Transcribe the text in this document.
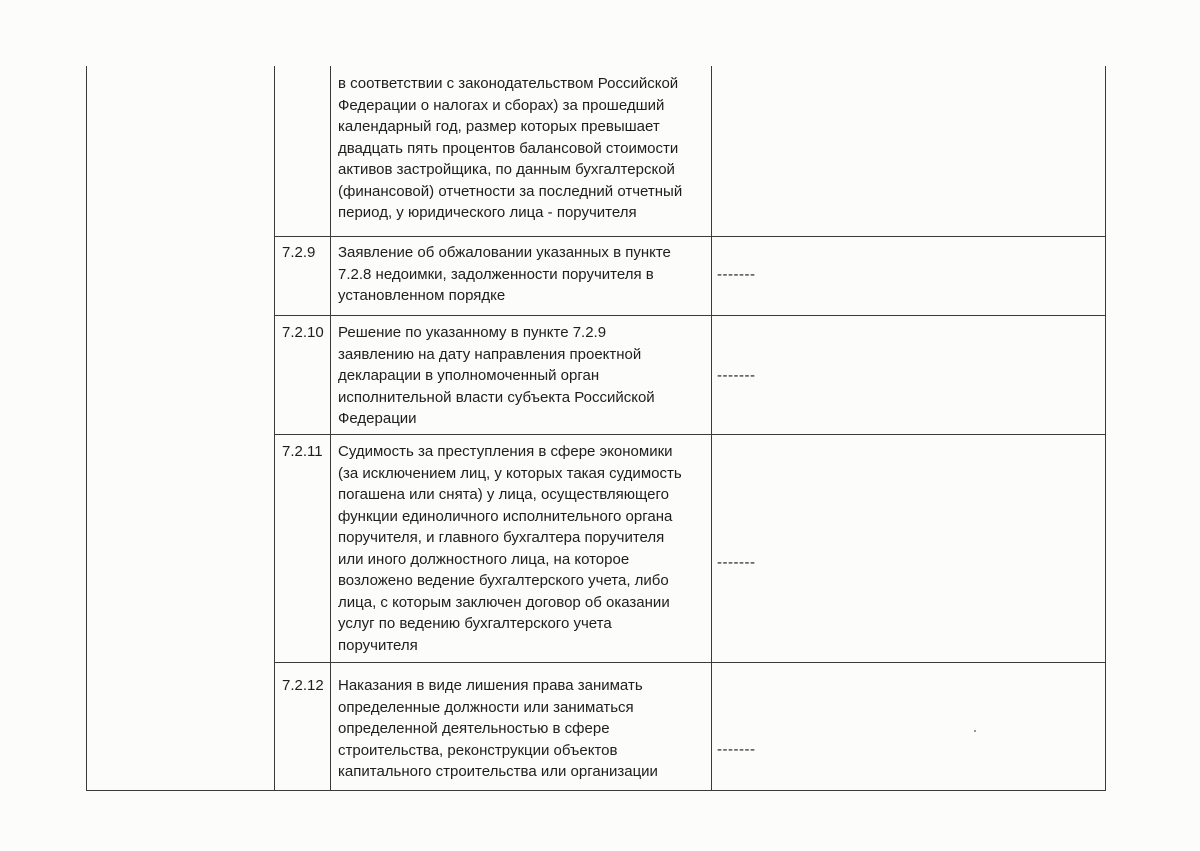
в соответствии с законодательством Российской
Федерации о налогах и сборах) за прошедший
календарный год, размер которых превышает
двадцать пять процентов балансовой стоимости
активов застройщика, по данным бухгалтерской
(финансовой) отчетности за последний отчетный
период, у юридического лица - поручителя
7.2.9	Заявление об обжаловании указанных в пункте
7.2.8 недоимки, задолженности поручителя в
установленном порядке
-------
7.2.10 Решение по указанному в пункте 7.2.9
заявлению на дату направления проектной
декларации в уполномоченный орган
исполнительной власти субъекта Российской
Федерации
-------
7.2.11	Судимость за преступления в сфере экономики
(за исключением лиц, у которых такая судимость
погашена или снята) у лица, осуществляющего
функции единоличного исполнительного органа
поручителя, и главного бухгалтера поручителя
или иного должностного лица, на которое
возложено ведение бухгалтерского учета, либо
лица, с которым заключен договор об оказании
услуг по ведению бухгалтерского учета
поручителя
-------
7.2.12 Наказания в виде лишения права занимать
определенные должности или заниматься
определенной деятельностью в сфере
строительства, реконструкции объектов
капитального строительства или организации
-------
